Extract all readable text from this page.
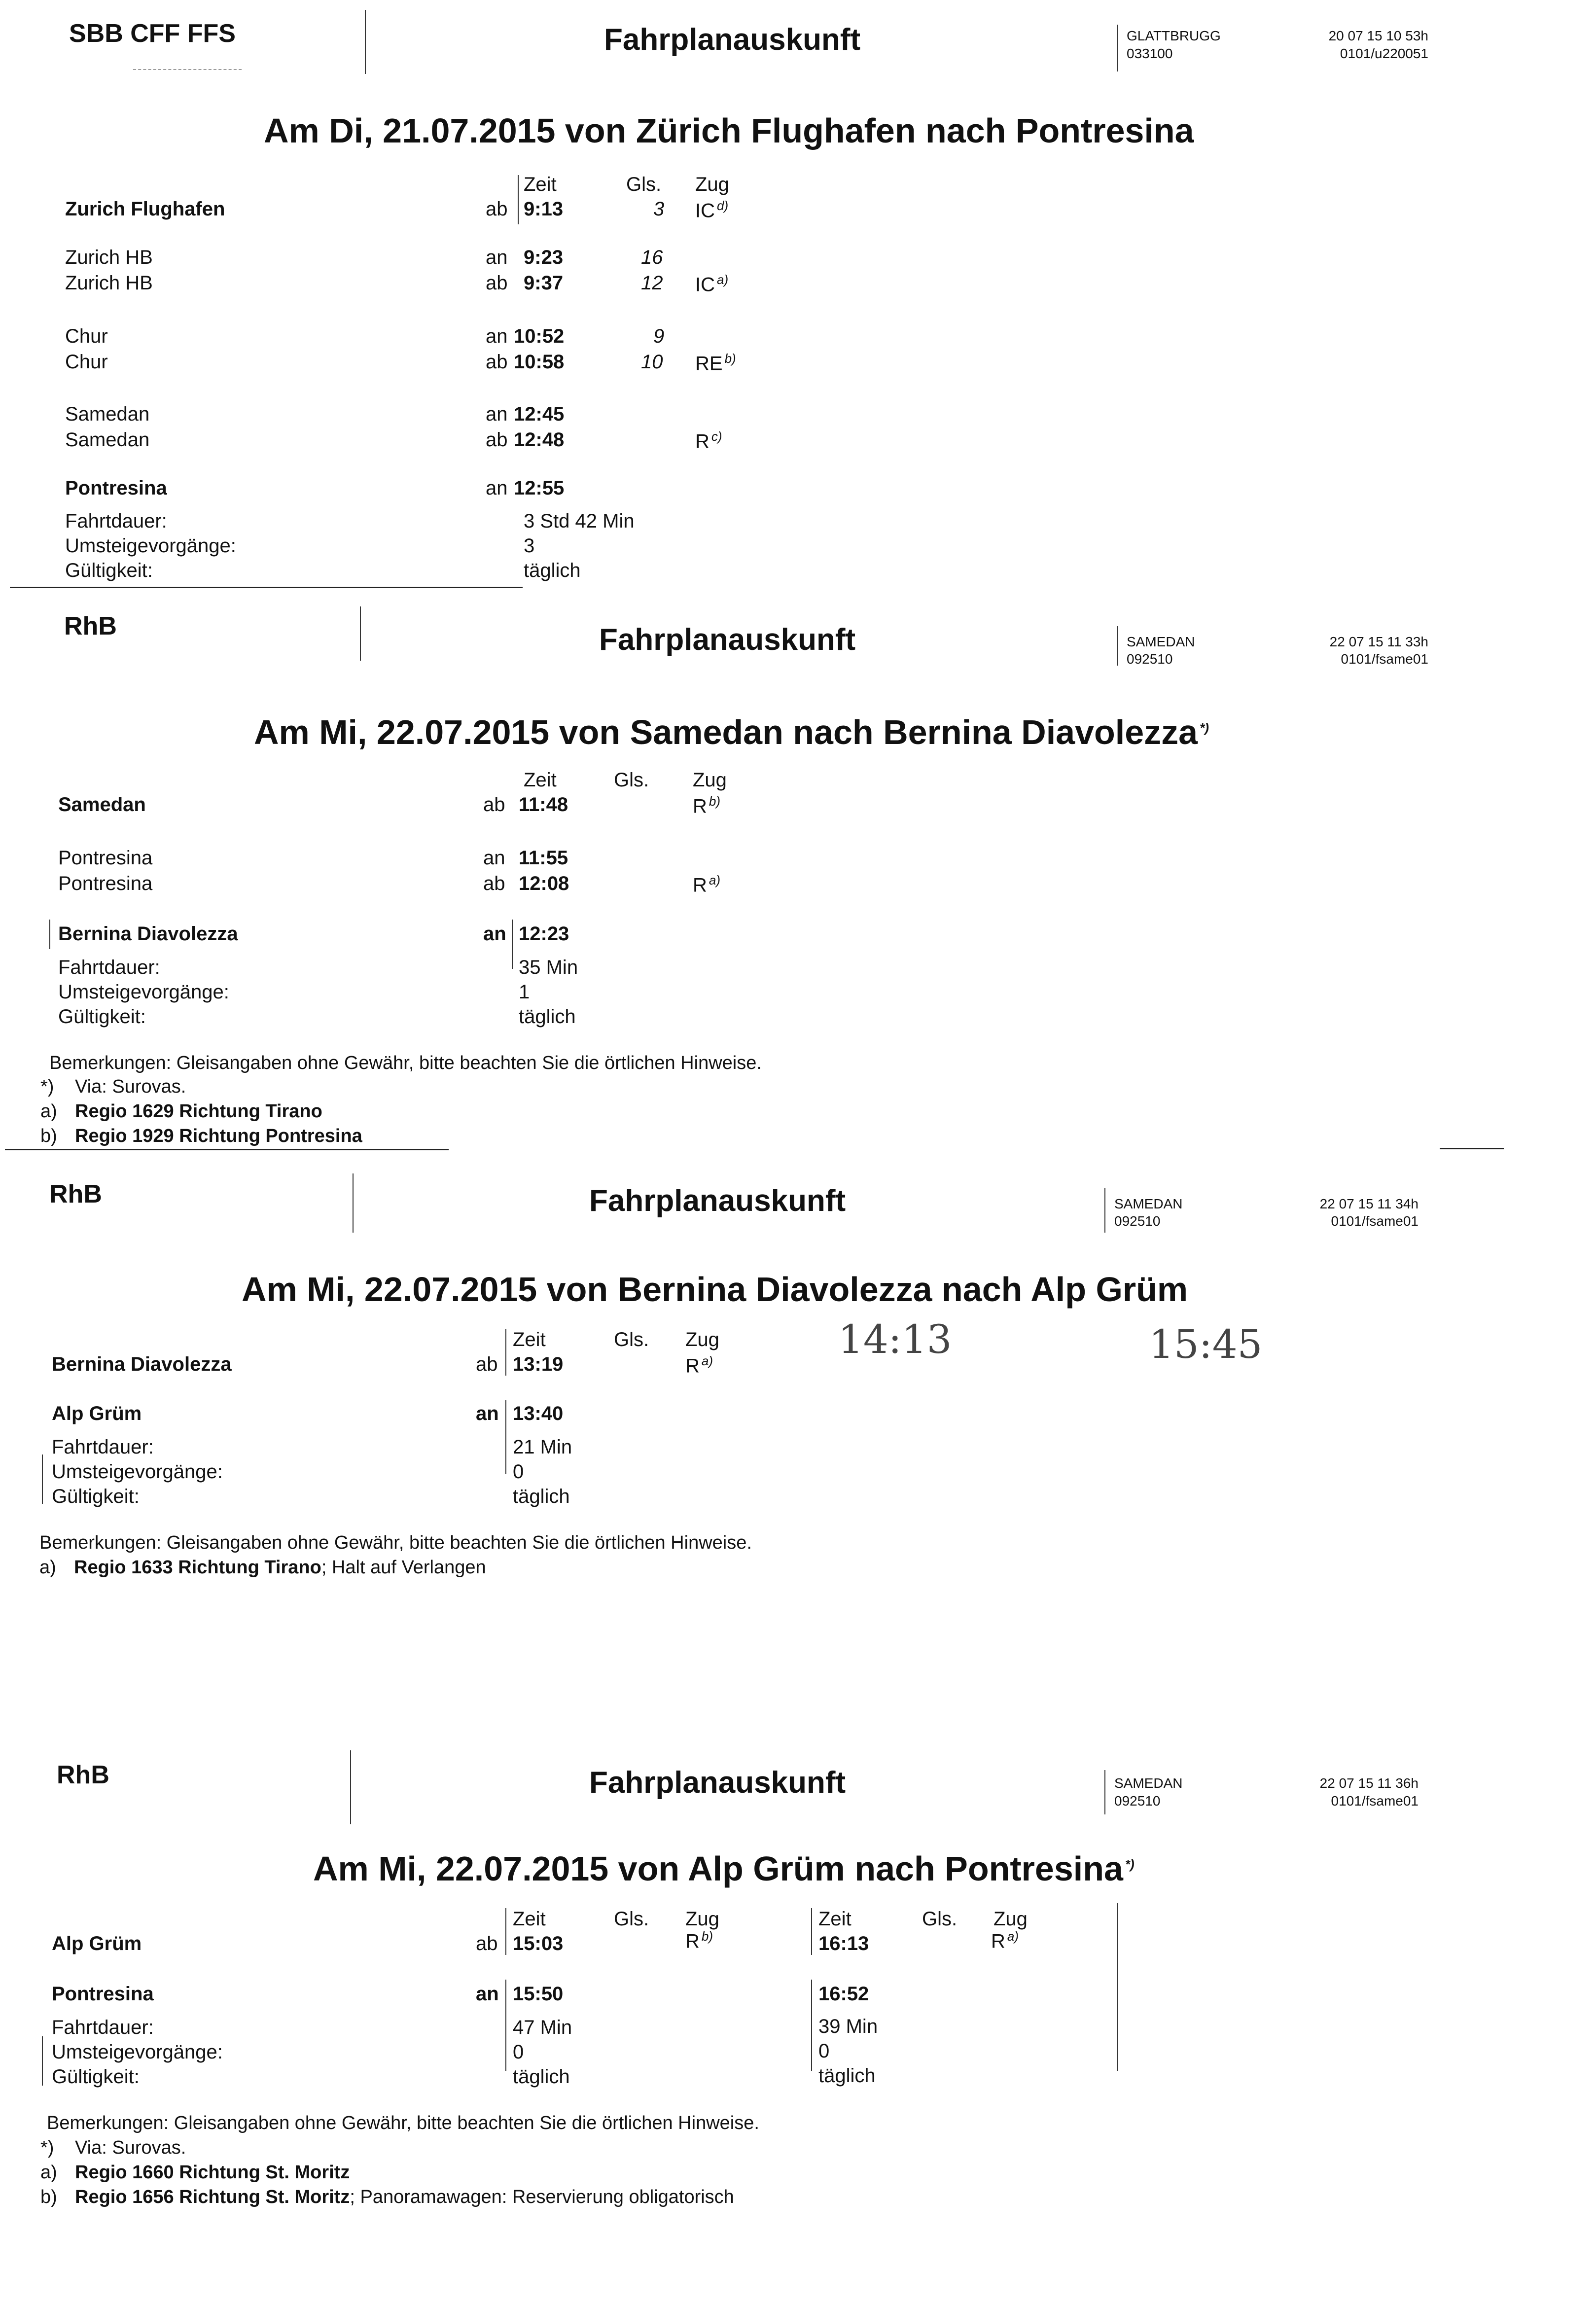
SBB CFF FFS	Fahrplanauskunft	GLATTBRUGG
033100
20 07 15 10 53h
0101/u220051
Am Di, 21.07.2015 von Zürich Flughafen nach Pontresina
Zeit	Gls. Zug
Zurich Flughafen	ab 9:13	3 IC $^{d)}$
Zurich HB	an 9:23	16
Zurich HB	ab 9:37	12 IC $^{a)}$
Chur	an 10:52	9
Chur	ab 10:58	10 RE $^{b)}$
Samedan	an 12:45
Samedan	ab 12:48	R $^{c)}$
Pontresina	an 12:55
Fahrtdauer:	3 Std 42 Min
Umsteigevorgänge:	3
Gültigkeit:	täglich
RhB	Fahrplanauskunft	SAMEDAN
092510
22 07 15 11 33h
0101/fsame01
Am Mi, 22.07.2015 von Samedan nach Bernina Diavolezza *)
Zeit	Gls. Zug
Samedan	ab 11:48	R $^{b)}$
Pontresina	an 11:55
Pontresina	ab 12:08	R $^{a)}$
Bernina Diavolezza	an 12:23
Fahrtdauer:	35 Min
Umsteigevorgänge:	1
Gültigkeit:	täglich
Bemerkungen: Gleisangaben ohne Gewähr, bitte beachten Sie die örtlichen Hinweise.
*) Via: Surovas.
a) Regio 1629 Richtung Tirano
b) Regio 1929 Richtung Pontresina
RhB	Fahrplanauskunft	SAMEDAN
092510
22 07 15 11 34h
0101/fsame01
Am Mi, 22.07.2015 von Bernina Diavolezza nach Alp Grüm
Zeit	Gls. Zug	14:13	15:45
Bernina Diavolezza	ab 13:19	R $^{a)}$
Alp Grüm	an 13:40
Fahrtdauer:	21 Min
Umsteigevorgänge:	0
Gültigkeit:	täglich
Bemerkungen: Gleisangaben ohne Gewähr, bitte beachten Sie die örtlichen Hinweise.
a) Regio 1633 Richtung Tirano; Halt auf Verlangen
RhB	Fahrplanauskunft	SAMEDAN
092510
22 07 15 11 36h
0101/fsame01
Am Mi, 22.07.2015 von Alp Grüm nach Pontresina *)
Zeit	Gls. Zug	Zeit	Gls. Zug
Alp Grüm	ab 15:03	R $^{b)}$	16:13	R $^{a)}$
Pontresina	an 15:50	16:52
Fahrtdauer:	47 Min	39 Min
Umsteigevorgänge:	0	0
Gültigkeit:	täglich	täglich
Bemerkungen: Gleisangaben ohne Gewähr, bitte beachten Sie die örtlichen Hinweise.
*) Via: Surovas.
a) Regio 1660 Richtung St. Moritz
b) Regio 1656 Richtung St. Moritz; Panoramawagen: Reservierung obligatorisch
